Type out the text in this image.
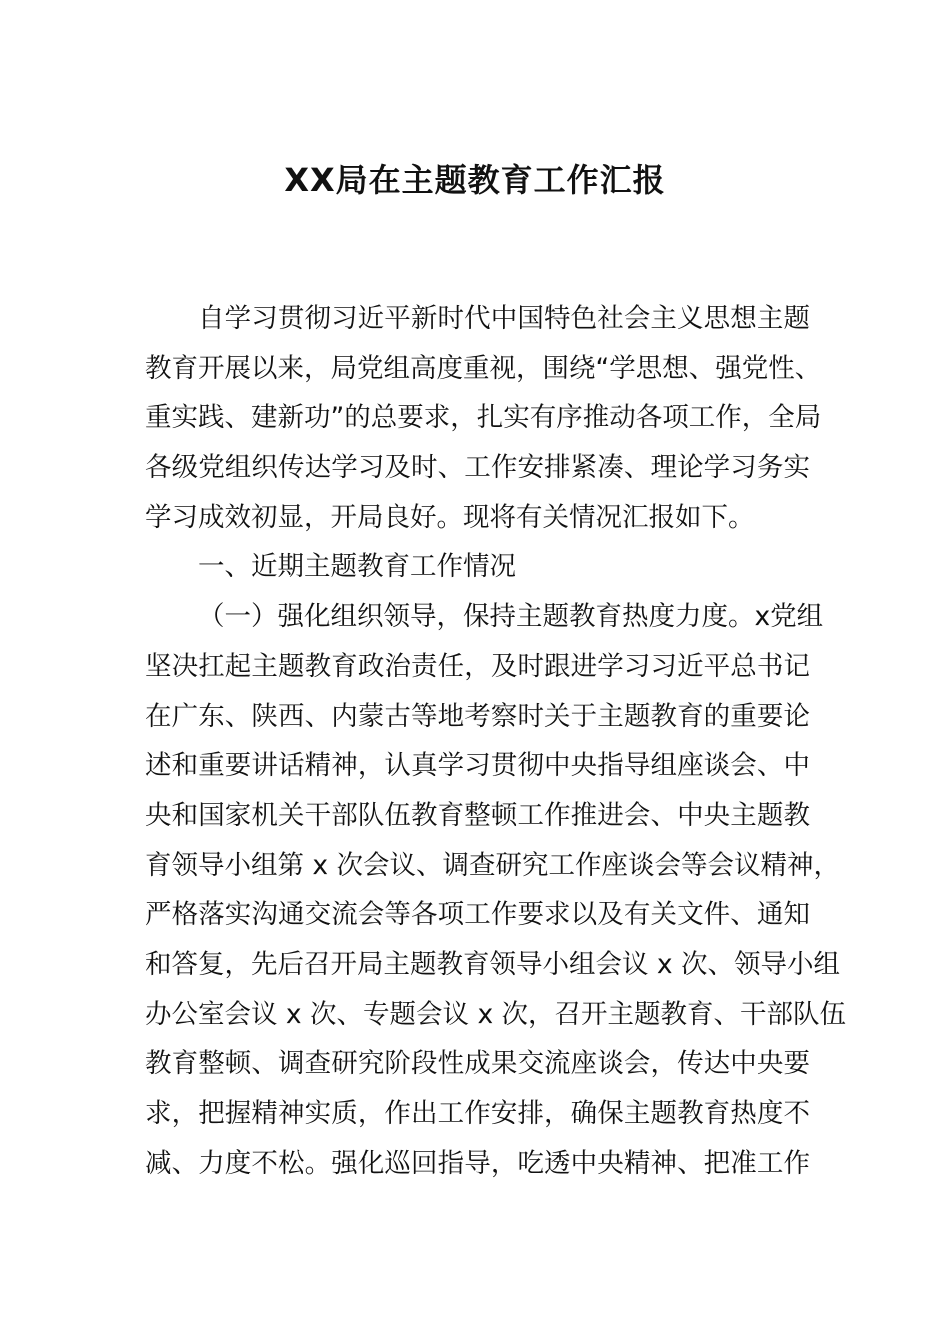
XX局在主题教育工作汇报
自学习贯彻习近平新时代中国特色社会主义思想主题
教育开展以来，局党组高度重视，围绕“学思想、强党性、
重实践、建新功”的总要求，扎实有序推动各项工作，全局
各级党组织传达学习及时、工作安排紧凑、理论学习务实
学习成效初显，开局良好。现将有关情况汇报如下。
一、近期主题教育工作情况
（一）强化组织领导，保持主题教育热度力度。x党组
坚决扛起主题教育政治责任，及时跟进学习习近平总书记
在广东、陕西、内蒙古等地考察时关于主题教育的重要论
述和重要讲话精神，认真学习贯彻中央指导组座谈会、中
央和国家机关干部队伍教育整顿工作推进会、中央主题教
育领导小组第 x 次会议、调查研究工作座谈会等会议精神，
严格落实沟通交流会等各项工作要求以及有关文件、通知
和答复，先后召开局主题教育领导小组会议 x 次、领导小组
办公室会议 x 次、专题会议 x 次，召开主题教育、干部队伍
教育整顿、调查研究阶段性成果交流座谈会，传达中央要
求，把握精神实质，作出工作安排，确保主题教育热度不
减、力度不松。强化巡回指导，吃透中央精神、把准工作
